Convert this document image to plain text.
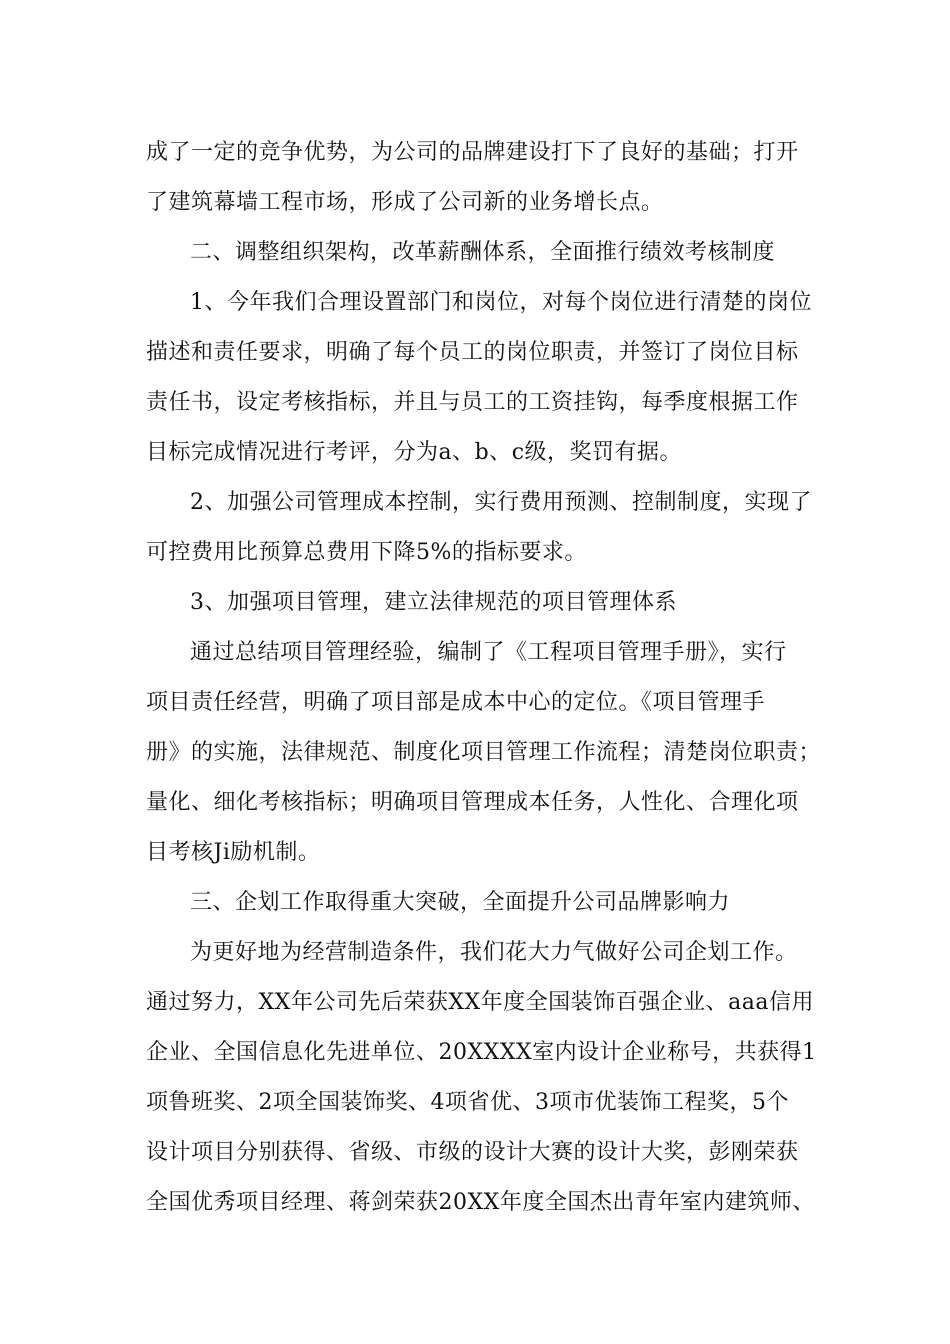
成了一定的竞争优势，为公司的品牌建设打下了良好的基础；打开
了建筑幕墙工程市场，形成了公司新的业务增长点。
二、调整组织架构，改革薪酬体系，全面推行绩效考核制度
1、今年我们合理设置部门和岗位，对每个岗位进行清楚的岗位
描述和责任要求，明确了每个员工的岗位职责，并签订了岗位目标
责任书，设定考核指标，并且与员工的工资挂钩，每季度根据工作
目标完成情况进行考评，分为a、b、c级，奖罚有据。
2、加强公司管理成本控制，实行费用预测、控制制度，实现了
可控费用比预算总费用下降5%的指标要求。
3、加强项目管理，建立法律规范的项目管理体系
通过总结项目管理经验，编制了《工程项目管理手册》，实行
项目责任经营，明确了项目部是成本中心的定位。《项目管理手
册》的实施，法律规范、制度化项目管理工作流程；清楚岗位职责；
量化、细化考核指标；明确项目管理成本任务，人性化、合理化项
目考核Ji励机制。
三、企划工作取得重大突破，全面提升公司品牌影响力
为更好地为经营制造条件，我们花大力气做好公司企划工作。
通过努力，XX年公司先后荣获XX年度全国装饰百强企业、aaa信用
企业、全国信息化先进单位、20XXXX室内设计企业称号，共获得1
项鲁班奖、2项全国装饰奖、4项省优、3项市优装饰工程奖，5个
设计项目分别获得、省级、市级的设计大赛的设计大奖，彭刚荣获
全国优秀项目经理、蒋剑荣获20XX年度全国杰出青年室内建筑师、
